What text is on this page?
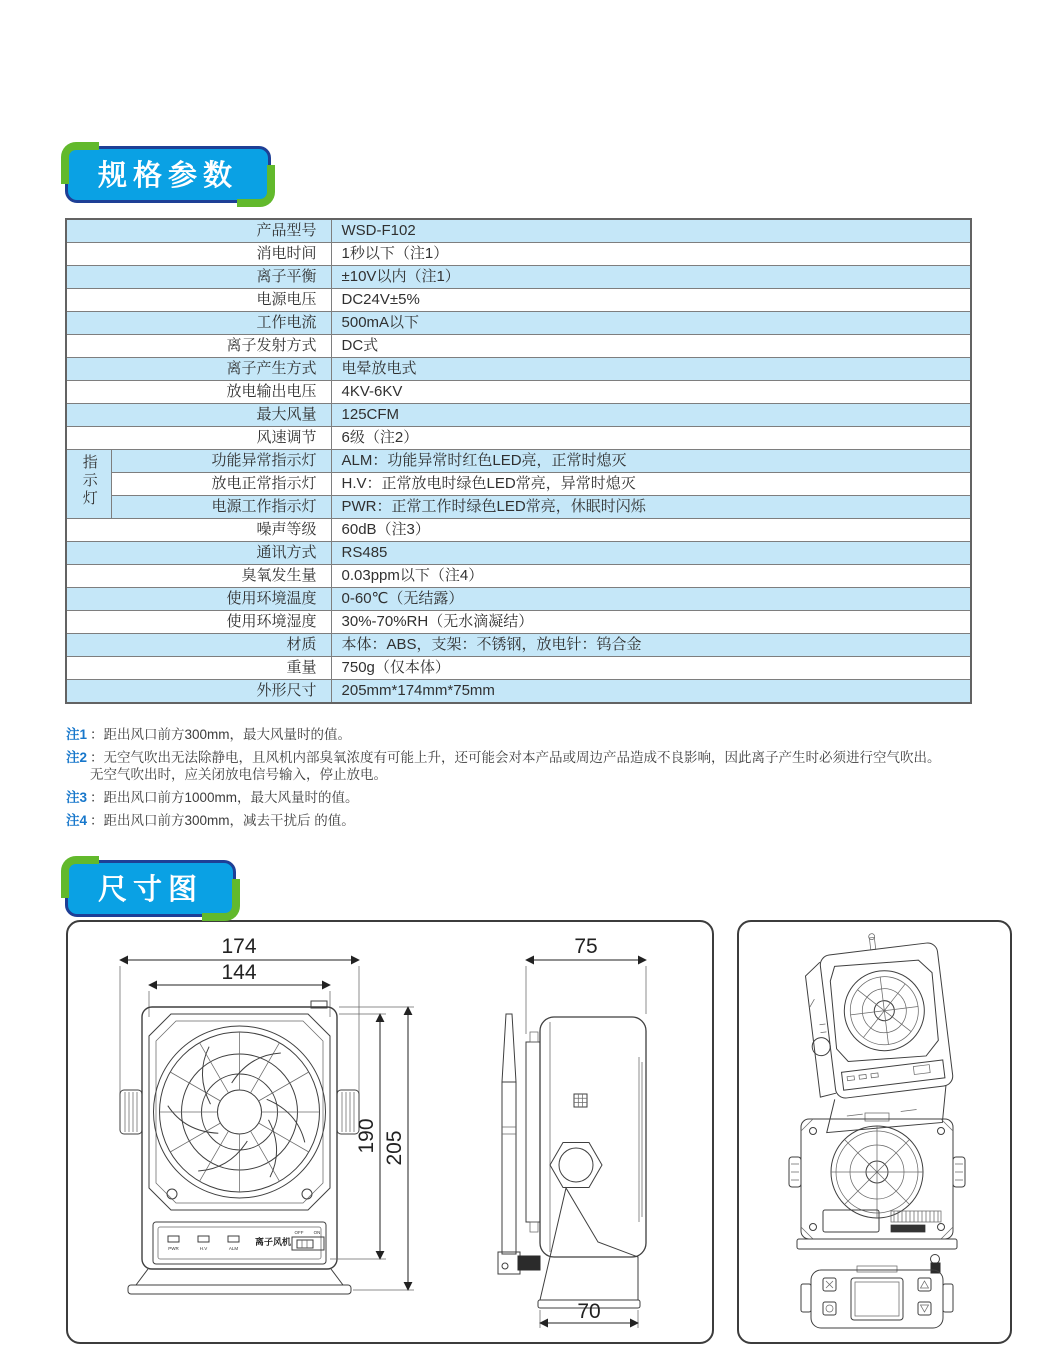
规格参数
产品型号		WSD-F102
消电时间		1秒以下（注1）
离子平衡		±10V以内（注1）
电源电压		DC24V±5%
工作电流		500mA以下
离子发射方式		DC式
离子产生方式		电晕放电式
放电输出电压		4KV-6KV
最大风量		125CFM
风速调节		6级（注2）
指示灯	功能异常指示灯	ALM：功能异常时红色LED亮，正常时熄灭
	放电正常指示灯	H.V：正常放电时绿色LED常亮，异常时熄灭
	电源工作指示灯	PWR：正常工作时绿色LED常亮，休眠时闪烁
噪声等级		60dB（注3）
通讯方式		RS485
臭氧发生量		0.03ppm以下（注4）
使用环境温度		0-60℃（无结露）
使用环境湿度		30%-70%RH（无水滴凝结）
材质		本体：ABS，支架：不锈钢，放电针：钨合金
重量		750g（仅本体）
外形尺寸		205mm*174mm*75mm
注1 ：距出风口前方300mm，最大风量时的值。
注2 ：无空气吹出无法除静电，且风机内部臭氧浓度有可能上升，还可能会对本产品或周边产品造成不良影响，因此离子产生时必须进行空气吹出。
无空气吹出时，应关闭放电信号输入，停止放电。
注3 ：距出风口前方1000mm，最大风量时的值。
注4 ：距出风口前方300mm，减去干扰后 的值。
尺寸图
174
144
PWR	H.V	ALM
离子风机
OFF ON
190 205
75
70
